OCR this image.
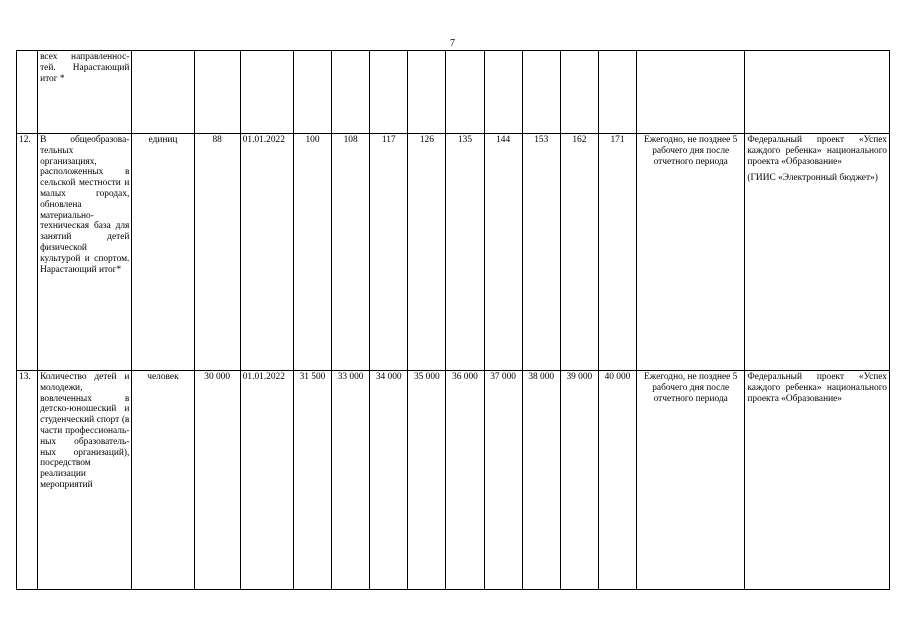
7

	всех направленнос-тей. Нарастающий итог *														

12.	В общеобразова-тельных организациях, расположенных в сельской местности и малых городах, обновлена материально-техническая база для занятий детей физической культурой и спортом. Нарастающий итог*	единиц	88	01.01.2022	100	108	117	126	135	144	153	162	171	Ежегодно, не позднее 5 рабочего дня после отчетного периода	Федеральный проект «Успех каждого ребенка» национального проекта «Образование»
(ГИИС «Электронный бюджет»)

13.	Количество детей и молодежи, вовлеченных в детско-юношеский и студенческий спорт (в части профессиональ-ных образователь-ных организаций), посредством реализации мероприятий	человек	30 000	01.01.2022	31 500	33 000	34 000	35 000	36 000	37 000	38 000	39 000	40 000	Ежегодно, не позднее 5 рабочего дня после отчетного периода	Федеральный проект «Успех каждого ребенка» национального проекта «Образование»
